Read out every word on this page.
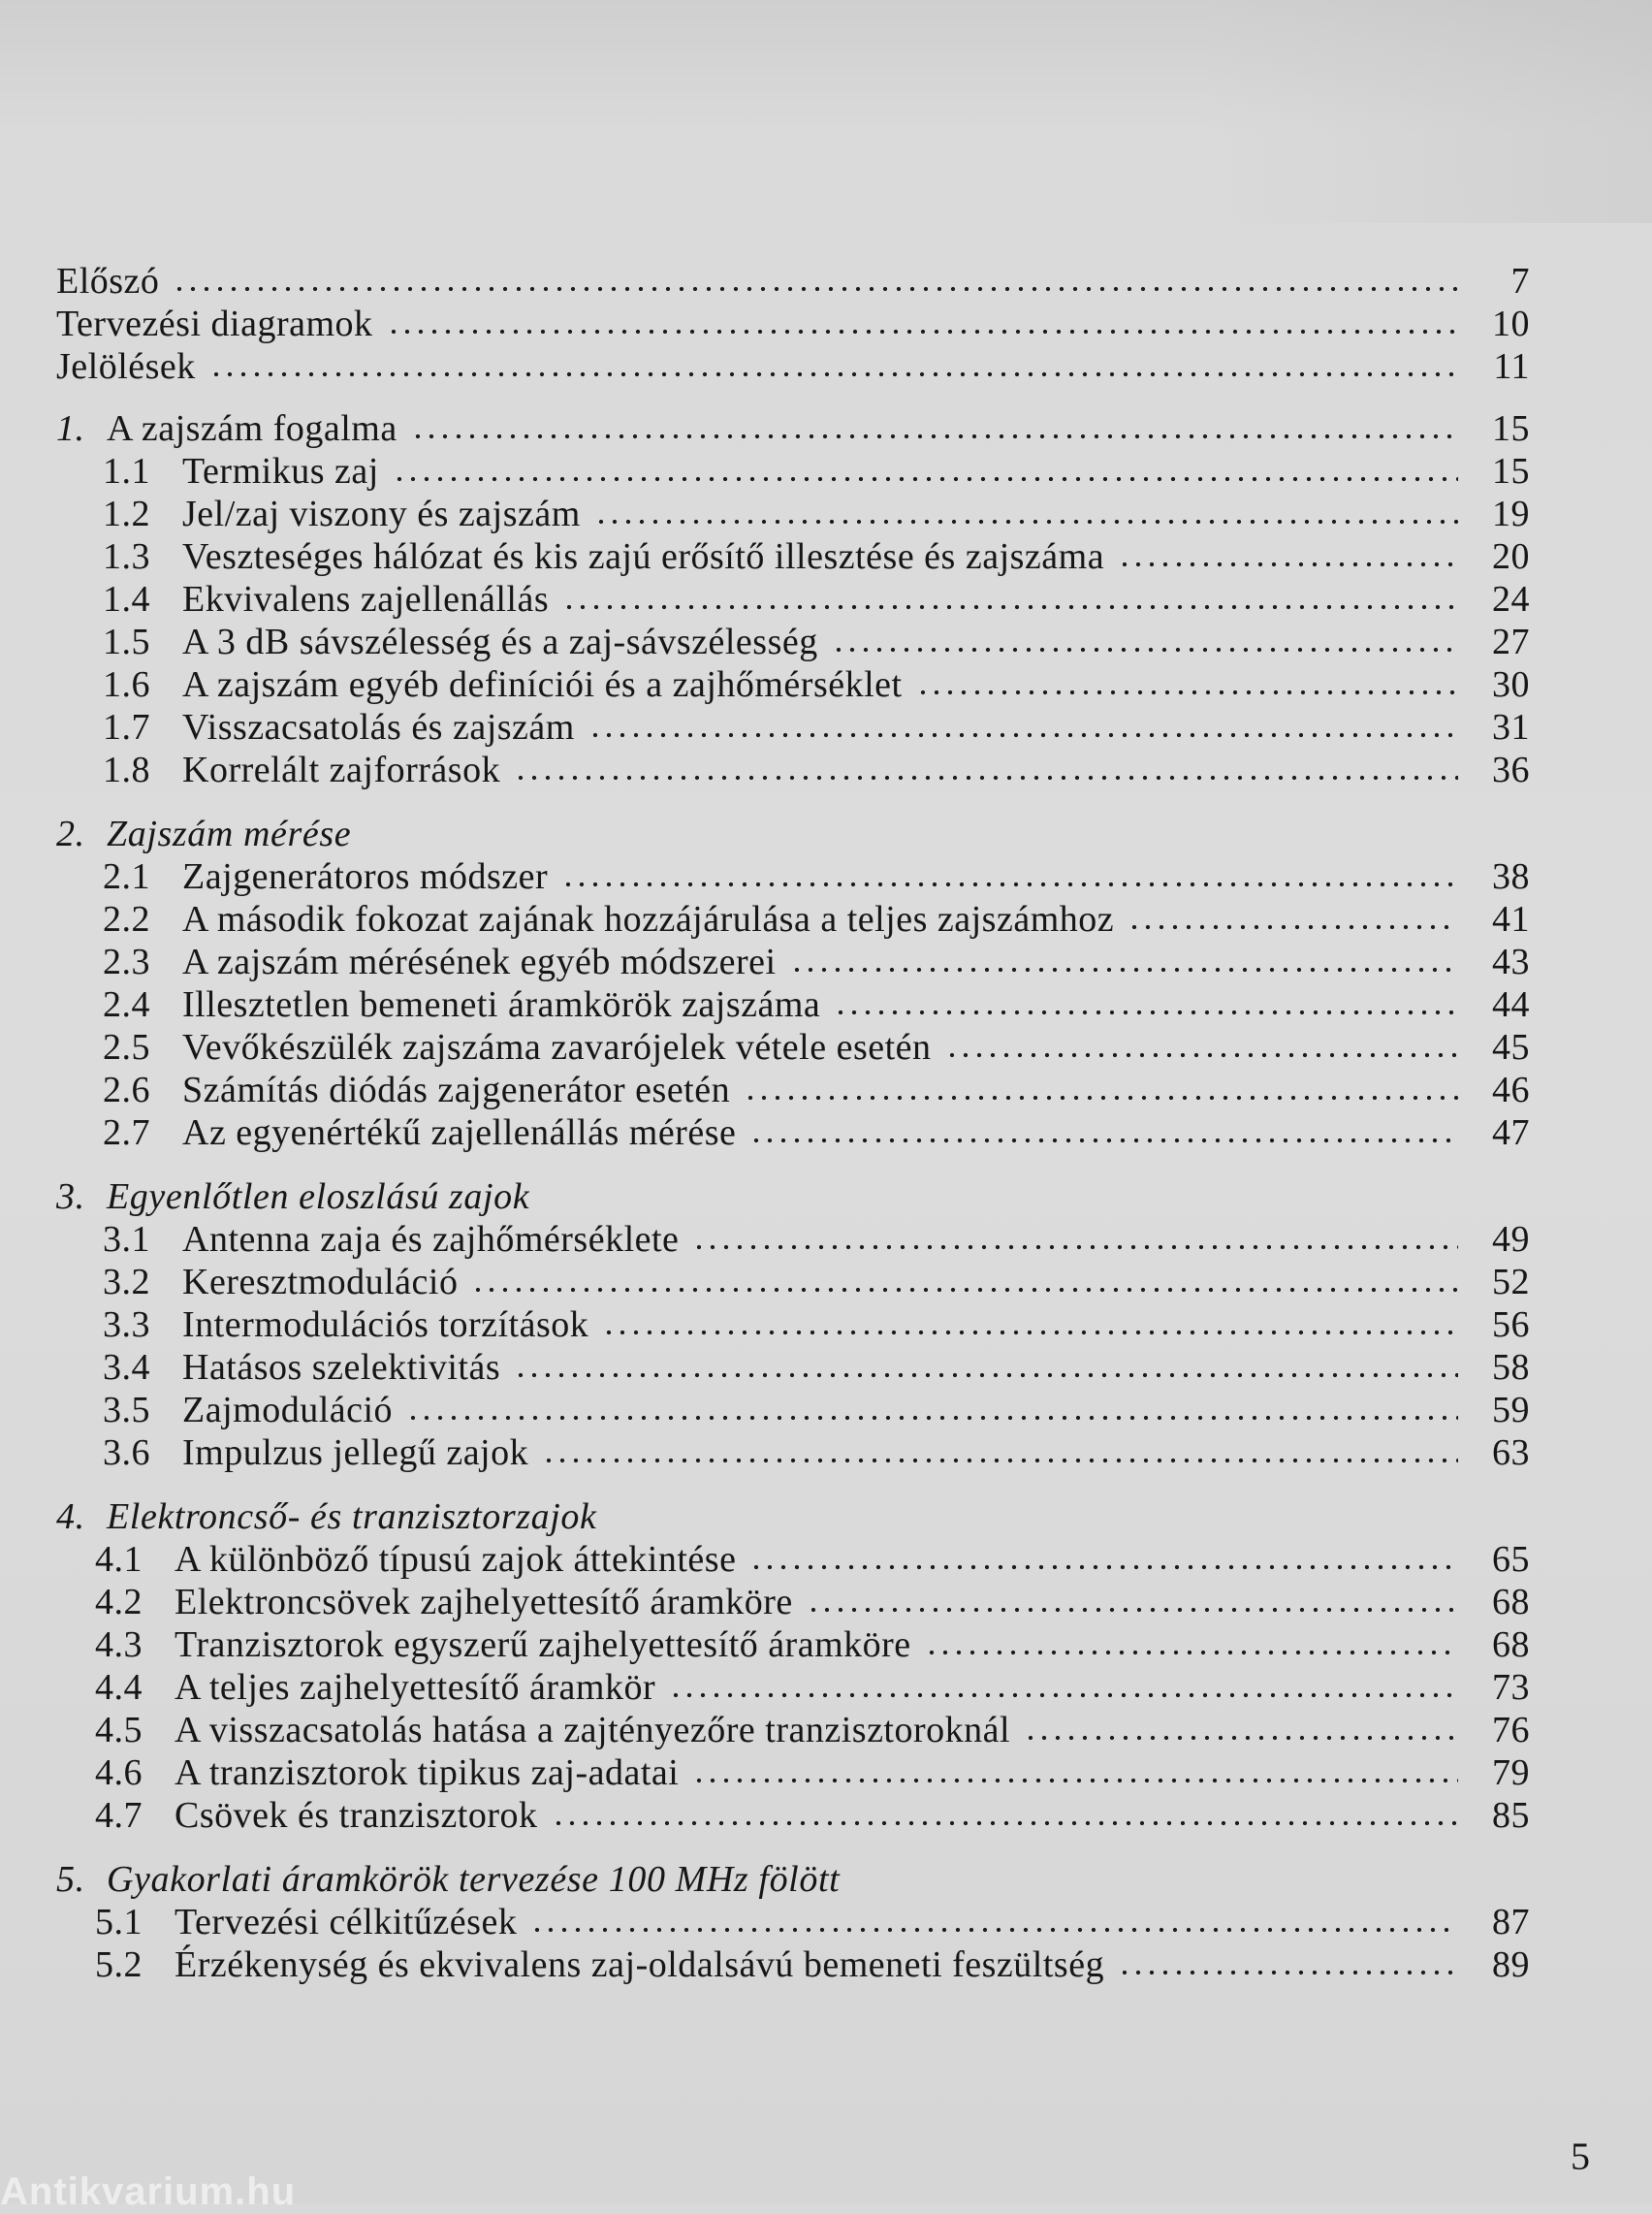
Előszó	7
Tervezési diagramok	10
Jelölések	11
1. A zajszám fogalma	15
1.1 Termikus zaj	15
1.2 Jel/zaj viszony és zajszám	19
1.3 Veszteséges hálózat és kis zajú erősítő illesztése és zajszáma	20
1.4 Ekvivalens zajellenállás	24
1.5 A 3 dB sávszélesség és a zaj-sávszélesség	27
1.6 A zajszám egyéb definíciói és a zajhőmérséklet	30
1.7 Visszacsatolás és zajszám	31
1.8 Korrelált zajforrások	36
2. Zajszám mérése
2.1 Zajgenerátoros módszer	38
2.2 A második fokozat zajának hozzájárulása a teljes zajszámhoz	41
2.3 A zajszám mérésének egyéb módszerei	43
2.4 Illesztetlen bemeneti áramkörök zajszáma	44
2.5 Vevőkészülék zajszáma zavarójelek vétele esetén	45
2.6 Számítás diódás zajgenerátor esetén	46
2.7 Az egyenértékű zajellenállás mérése	47
3. Egyenlőtlen eloszlású zajok
3.1 Antenna zaja és zajhőmérséklete	49
3.2 Keresztmoduláció	52
3.3 Intermodulációs torzítások	56
3.4 Hatásos szelektivitás	58
3.5 Zajmoduláció	59
3.6 Impulzus jellegű zajok	63
4. Elektroncső- és tranzisztorzajok
4.1 A különböző típusú zajok áttekintése	65
4.2 Elektroncsövek zajhelyettesítő áramköre	68
4.3 Tranzisztorok egyszerű zajhelyettesítő áramköre	68
4.4 A teljes zajhelyettesítő áramkör	73
4.5 A visszacsatolás hatása a zajtényezőre tranzisztoroknál	76
4.6 A tranzisztorok tipikus zaj-adatai	79
4.7 Csövek és tranzisztorok	85
5. Gyakorlati áramkörök tervezése 100 MHz fölött
5.1 Tervezési célkitűzések	87
5.2 Érzékenység és ekvivalens zaj-oldalsávú bemeneti feszültség	89
5
Antikvarium.hu
